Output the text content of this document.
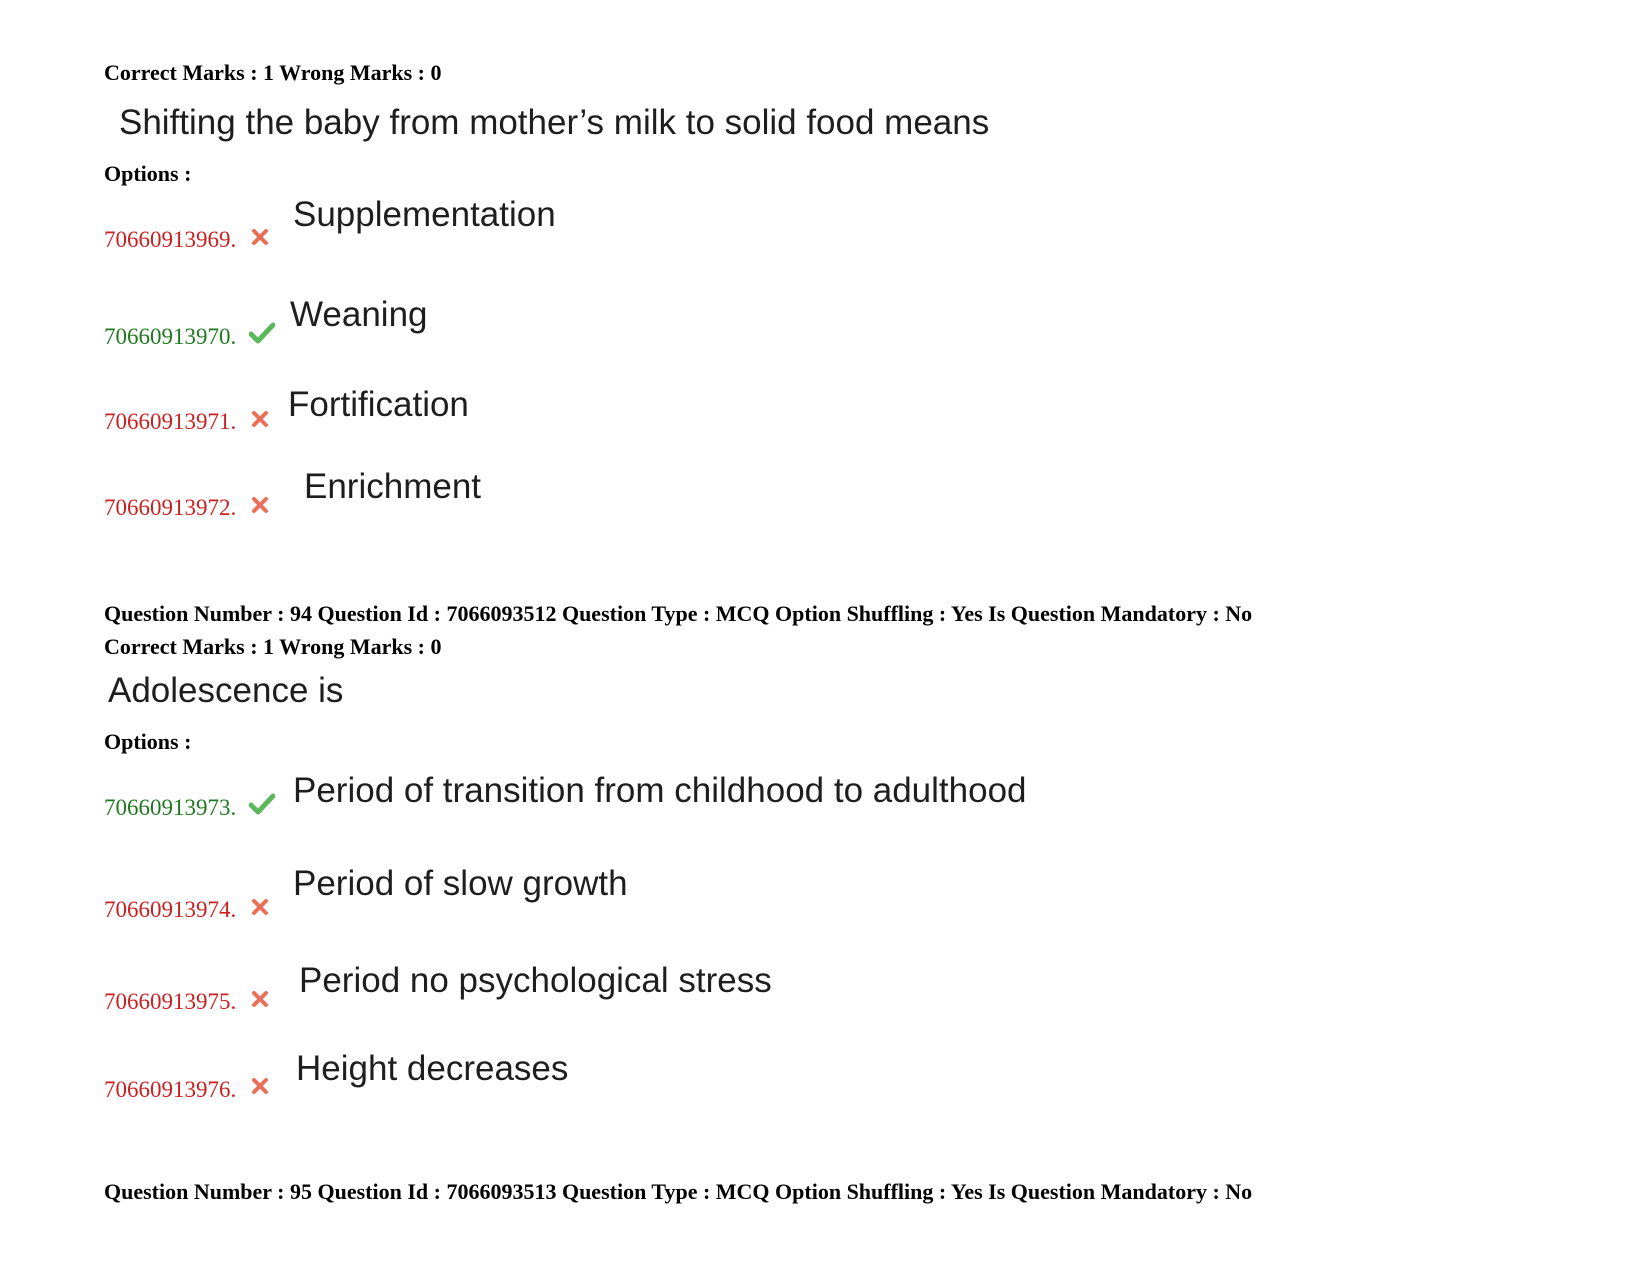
Correct Marks : 1 Wrong Marks : 0
Shifting the baby from mother’s milk to solid food means
Options :
70660913969.
Supplementation
70660913970.
Weaning
70660913971. Fortification
70660913972.
Enrichment
Question Number : 94 Question Id : 7066093512 Question Type : MCQ Option Shuffling : Yes Is Question Mandatory : No
Correct Marks : 1 Wrong Marks : 0
Adolescence is
Options :
70660913973. Period of transition from childhood to adulthood
70660913974.
Period of slow growth
70660913975.
Period no psychological stress
70660913976.
Height decreases
Question Number : 95 Question Id : 7066093513 Question Type : MCQ Option Shuffling : Yes Is Question Mandatory : No
